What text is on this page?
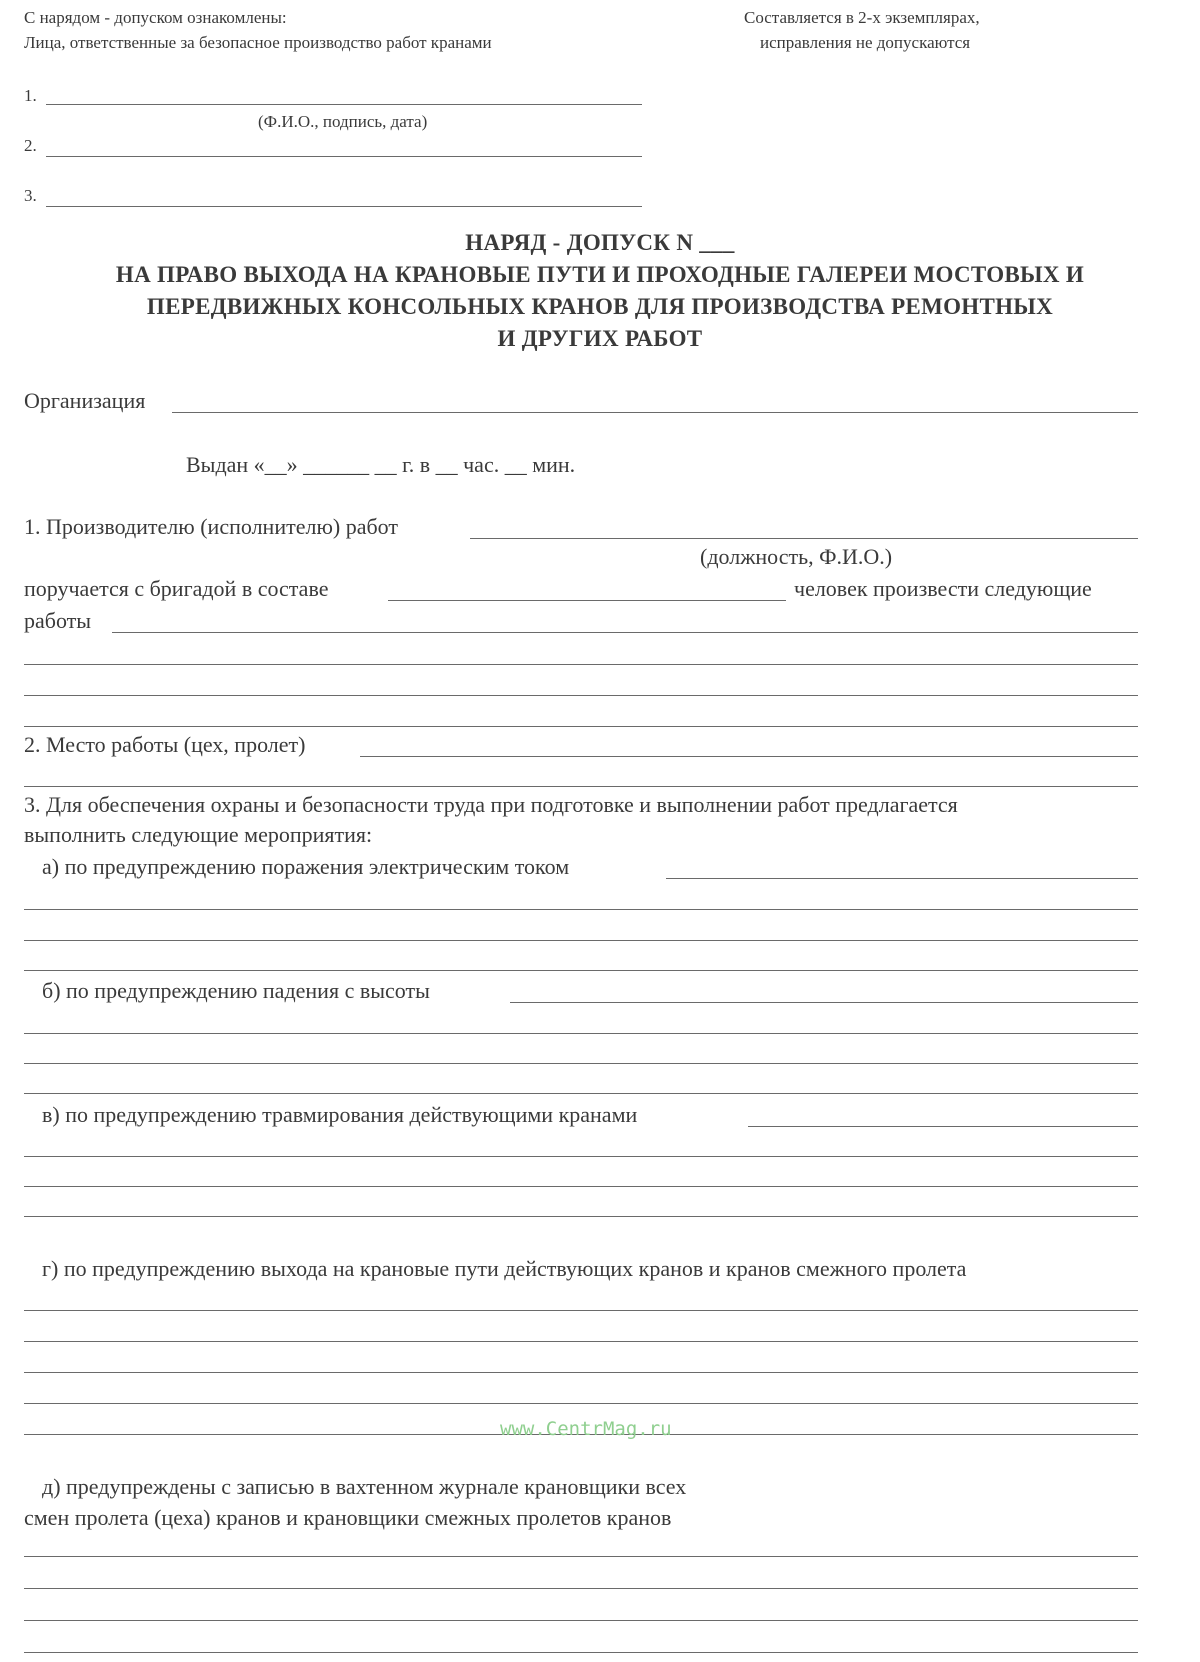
С нарядом - допуском ознакомлены:
Лица, ответственные за безопасное производство работ кранами
Составляется в 2-х экземплярах,
исправления не допускаются
1.
(Ф.И.О., подпись, дата)
2.
3.
НАРЯД - ДОПУСК N ___
НА ПРАВО ВЫХОДА НА КРАНОВЫЕ ПУТИ И ПРОХОДНЫЕ ГАЛЕРЕИ МОСТОВЫХ И
ПЕРЕДВИЖНЫХ КОНСОЛЬНЫХ КРАНОВ ДЛЯ ПРОИЗВОДСТВА РЕМОНТНЫХ
И ДРУГИХ РАБОТ
Организация
Выдан «__» ______ __ г. в __ час. __ мин.
1. Производителю (исполнителю) работ
(должность, Ф.И.О.)
поручается с бригадой в составе	человек произвести следующие
работы
2. Место работы (цех, пролет)
3. Для обеспечения охраны и безопасности труда при подготовке и выполнении работ предлагается
выполнить следующие мероприятия:
а) по предупреждению поражения электрическим током
б) по предупреждению падения с высоты
в) по предупреждению травмирования действующими кранами
г) по предупреждению выхода на крановые пути действующих кранов и кранов смежного пролета
www.CentrMag.ru
д) предупреждены с записью в вахтенном журнале крановщики всех
смен пролета (цеха) кранов и крановщики смежных пролетов кранов
